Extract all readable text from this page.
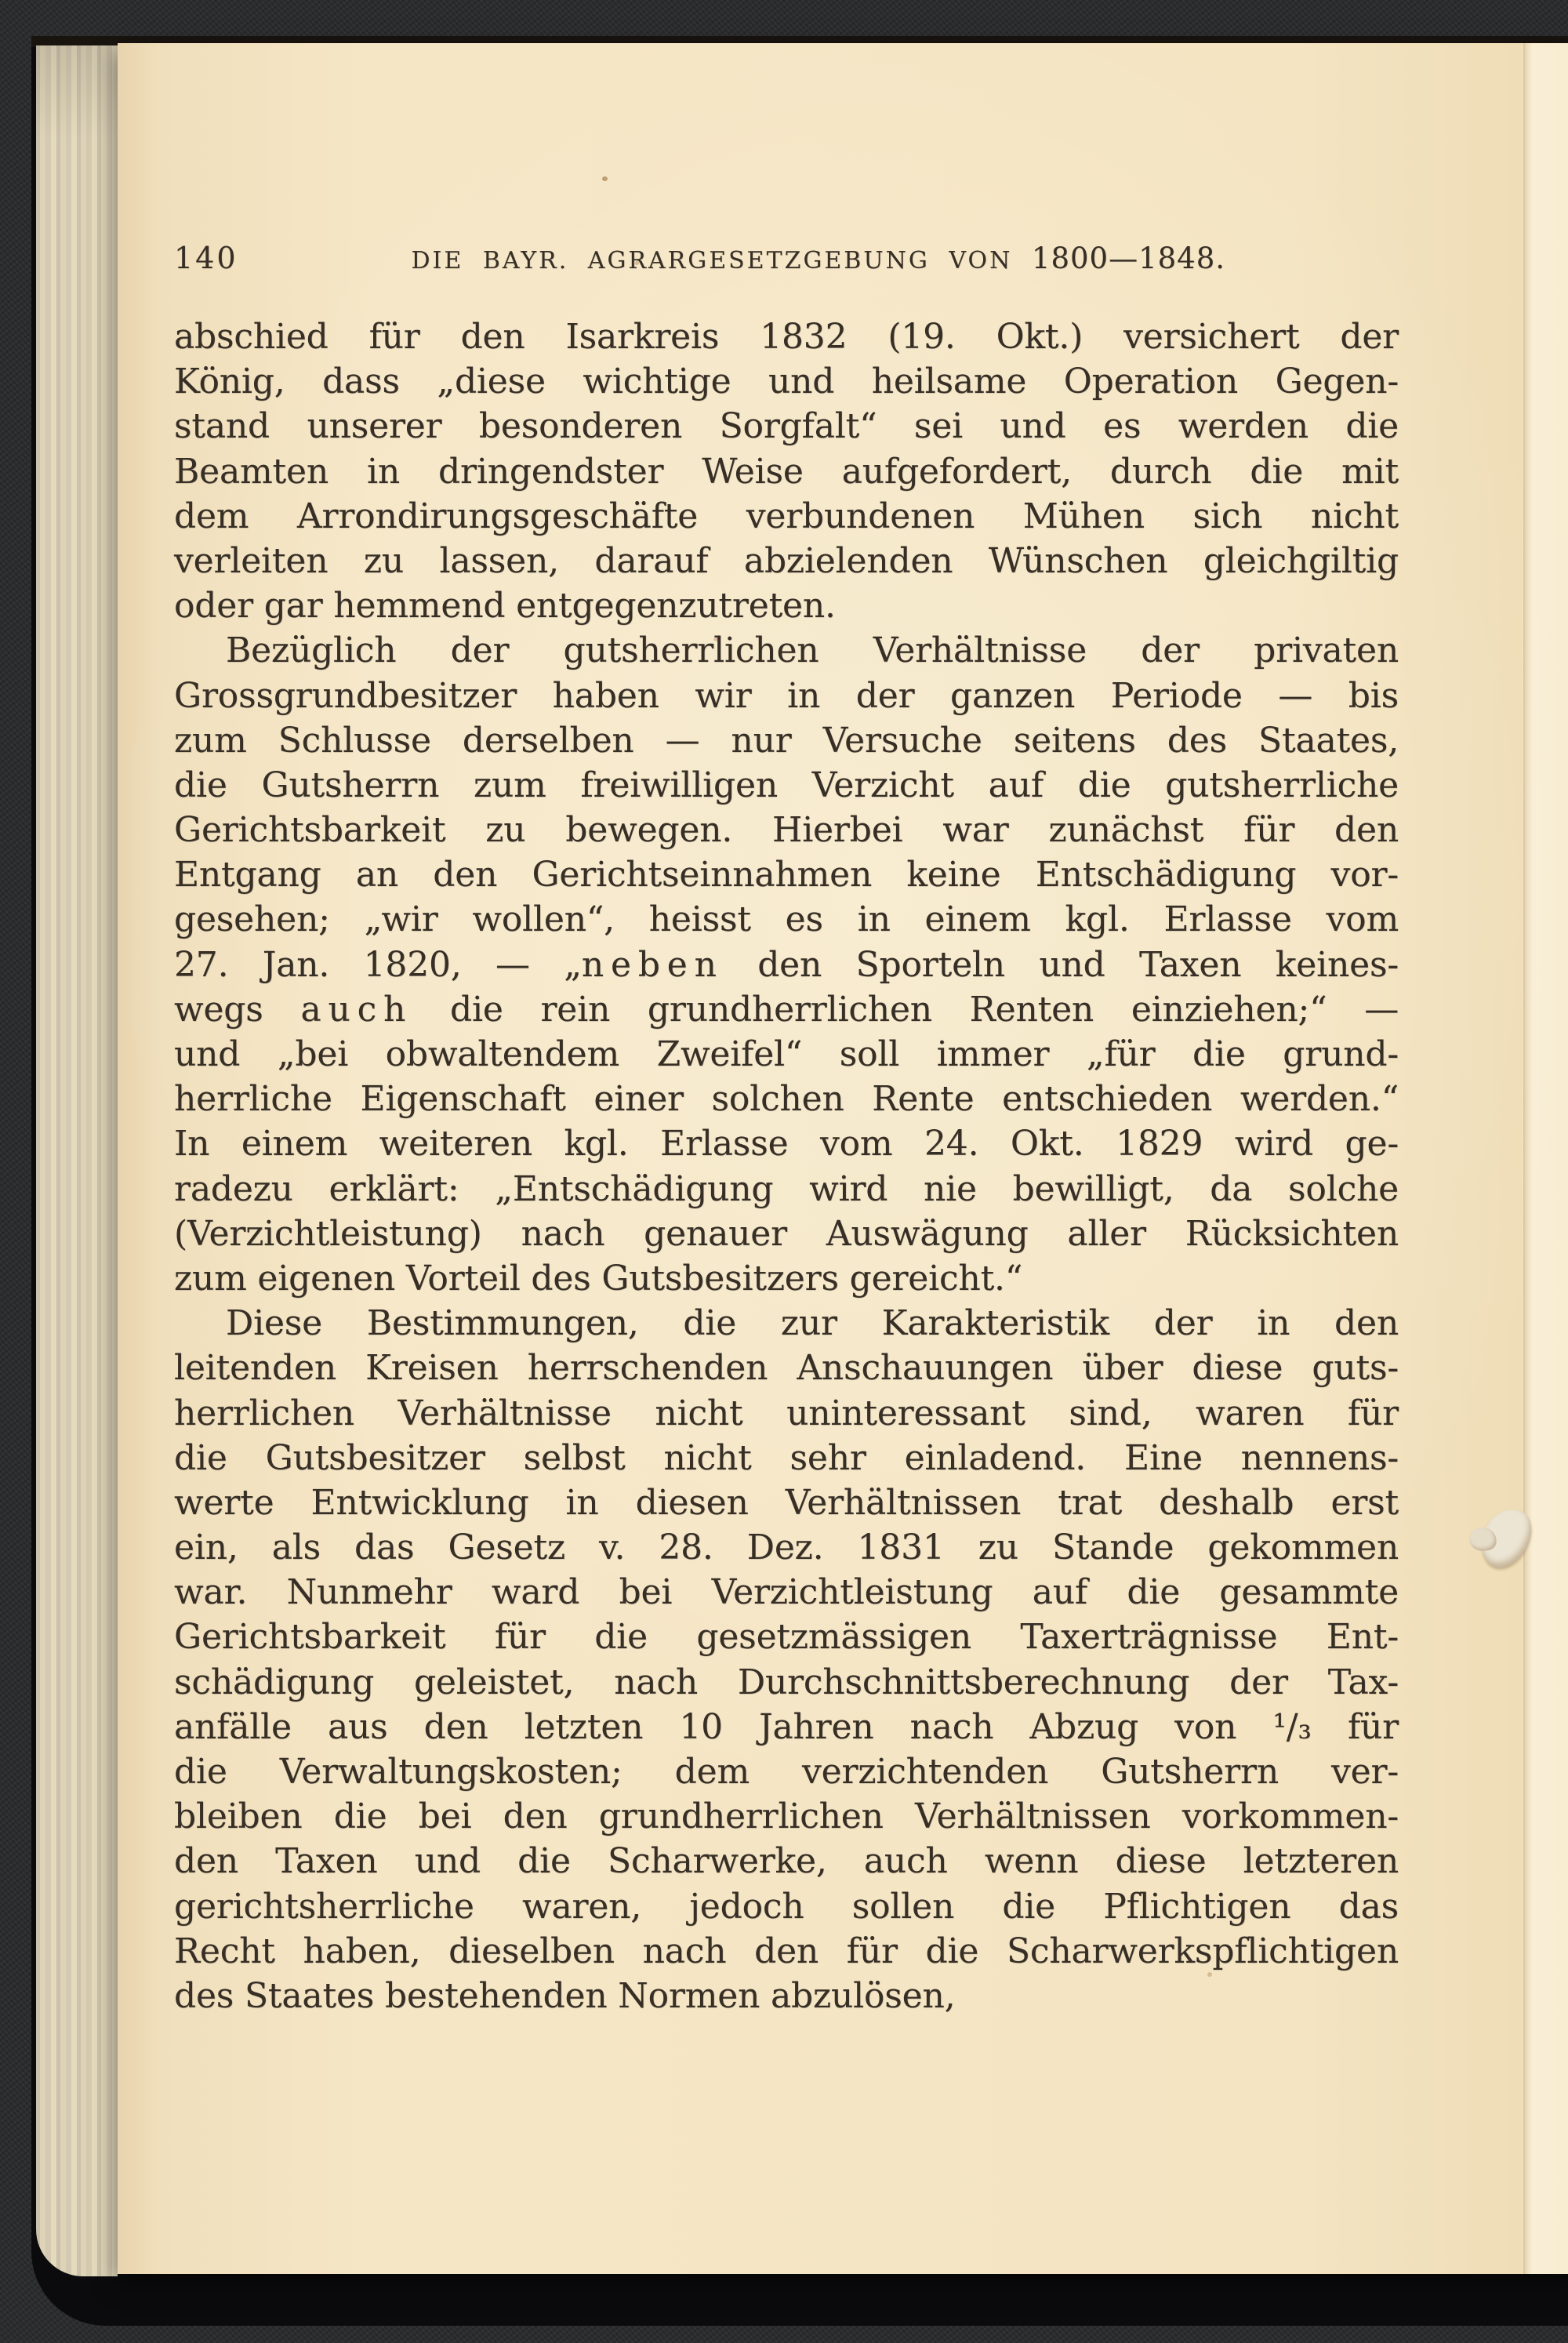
140	DIE BAYR. AGRARGESETZGEBUNG VON 1800—1848.
abschied für den Isarkreis 1832 (19. Okt.) versichert der
König, dass „diese wichtige und heilsame Operation Gegen-
stand unserer besonderen Sorgfalt“ sei und es werden die
Beamten in dringendster Weise aufgefordert, durch die mit
dem Arrondirungsgeschäfte verbundenen Mühen sich nicht
verleiten zu lassen, darauf abzielenden Wünschen gleichgiltig
oder gar hemmend entgegenzutreten.
Bezüglich der gutsherrlichen Verhältnisse der privaten
Grossgrundbesitzer haben wir in der ganzen Periode — bis
zum Schlusse derselben — nur Versuche seitens des Staates,
die Gutsherrn zum freiwilligen Verzicht auf die gutsherrliche
Gerichtsbarkeit zu bewegen. Hierbei war zunächst für den
Entgang an den Gerichtseinnahmen keine Entschädigung vor-
gesehen; „wir wollen“, heisst es in einem kgl. Erlasse vom
27. Jan. 1820, — „neben den Sporteln und Taxen keines-
wegs auch die rein grundherrlichen Renten einziehen;“ —
und „bei obwaltendem Zweifel“ soll immer „für die grund-
herrliche Eigenschaft einer solchen Rente entschieden werden.“
In einem weiteren kgl. Erlasse vom 24. Okt. 1829 wird ge-
radezu erklärt: „Entschädigung wird nie bewilligt, da solche
(Verzichtleistung) nach genauer Auswägung aller Rücksichten
zum eigenen Vorteil des Gutsbesitzers gereicht.“
Diese Bestimmungen, die zur Karakteristik der in den
leitenden Kreisen herrschenden Anschauungen über diese guts-
herrlichen Verhältnisse nicht uninteressant sind, waren für
die Gutsbesitzer selbst nicht sehr einladend. Eine nennens-
werte Entwicklung in diesen Verhältnissen trat deshalb erst
ein, als das Gesetz v. 28. Dez. 1831 zu Stande gekommen
war. Nunmehr ward bei Verzichtleistung auf die gesammte
Gerichtsbarkeit für die gesetzmässigen Taxerträgnisse Ent-
schädigung geleistet, nach Durchschnittsberechnung der Tax-
anfälle aus den letzten 10 Jahren nach Abzug von ¹/₃ für
die Verwaltungskosten; dem verzichtenden Gutsherrn ver-
bleiben die bei den grundherrlichen Verhältnissen vorkommen-
den Taxen und die Scharwerke, auch wenn diese letzteren
gerichtsherrliche waren, jedoch sollen die Pflichtigen das
Recht haben, dieselben nach den für die Scharwerkspflichtigen
des Staates bestehenden Normen abzulösen,
